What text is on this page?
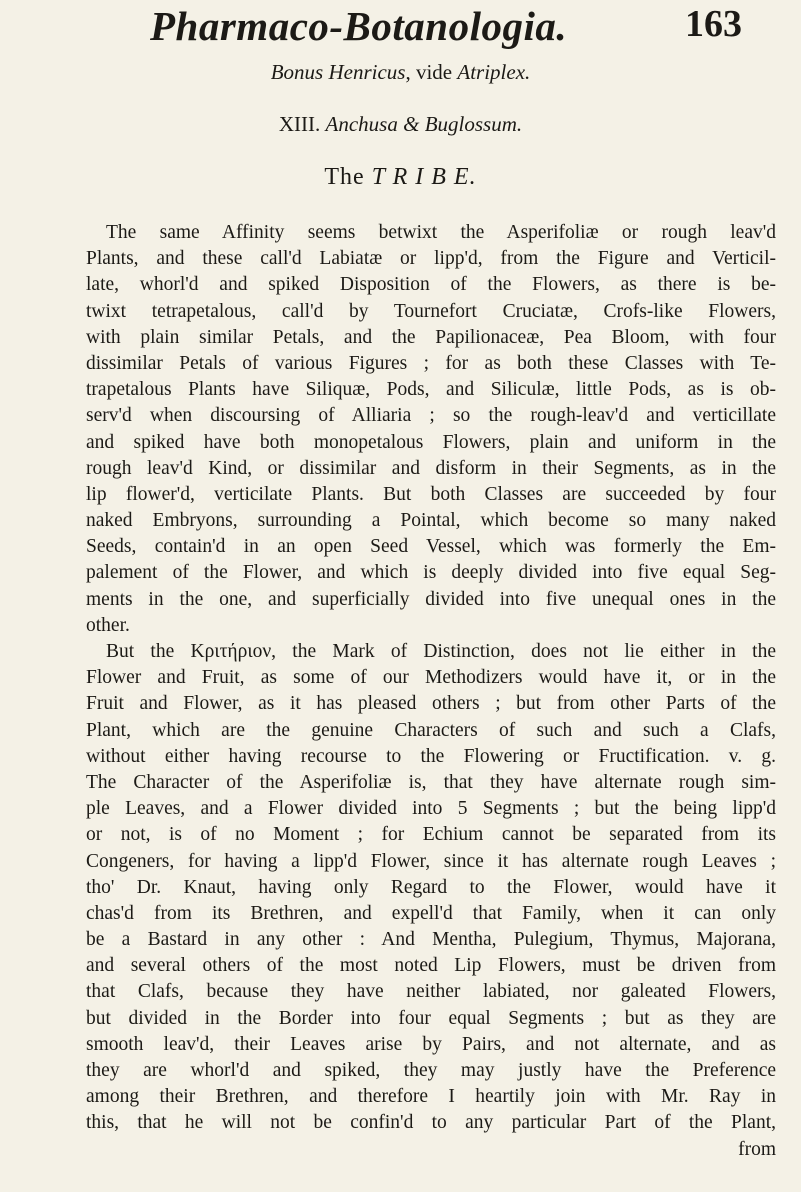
Pharmaco-Botanologia.	163
Bonus Henricus, vide Atriplex.
XIII. Anchusa & Buglossum.
The T R I B E.
The same Affinity seems betwixt the Asperifoliæ or rough leav'd
Plants, and these call'd Labiatæ or lipp'd, from the Figure and Verticil-
late, whorl'd and spiked Disposition of the Flowers, as there is be-
twixt tetrapetalous, call'd by Tournefort Cruciatæ, Crofs-like Flowers,
with plain similar Petals, and the Papilionaceæ, Pea Bloom, with four
dissimilar Petals of various Figures ; for as both these Classes with Te-
trapetalous Plants have Siliquæ, Pods, and Siliculæ, little Pods, as is ob-
serv'd when discoursing of Alliaria ; so the rough-leav'd and verticillate
and spiked have both monopetalous Flowers, plain and uniform in the
rough leav'd Kind, or dissimilar and disform in their Segments, as in the
lip flower'd, verticilate Plants. But both Classes are succeeded by four
naked Embryons, surrounding a Pointal, which become so many naked
Seeds, contain'd in an open Seed Vessel, which was formerly the Em-
palement of the Flower, and which is deeply divided into five equal Seg-
ments in the one, and superficially divided into five unequal ones in the
other.
But the Κριτήριον, the Mark of Distinction, does not lie either in the
Flower and Fruit, as some of our Methodizers would have it, or in the
Fruit and Flower, as it has pleased others ; but from other Parts of the
Plant, which are the genuine Characters of such and such a Clafs,
without either having recourse to the Flowering or Fructification. v. g.
The Character of the Asperifoliæ is, that they have alternate rough sim-
ple Leaves, and a Flower divided into 5 Segments ; but the being lipp'd
or not, is of no Moment ; for Echium cannot be separated from its
Congeners, for having a lipp'd Flower, since it has alternate rough Leaves ;
tho' Dr. Knaut, having only Regard to the Flower, would have it
chas'd from its Brethren, and expell'd that Family, when it can only
be a Bastard in any other : And Mentha, Pulegium, Thymus, Majorana,
and several others of the most noted Lip Flowers, must be driven from
that Clafs, because they have neither labiated, nor galeated Flowers,
but divided in the Border into four equal Segments ; but as they are
smooth leav'd, their Leaves arise by Pairs, and not alternate, and as
they are whorl'd and spiked, they may justly have the Preference
among their Brethren, and therefore I heartily join with Mr. Ray in
this, that he will not be confin'd to any particular Part of the Plant,
from
